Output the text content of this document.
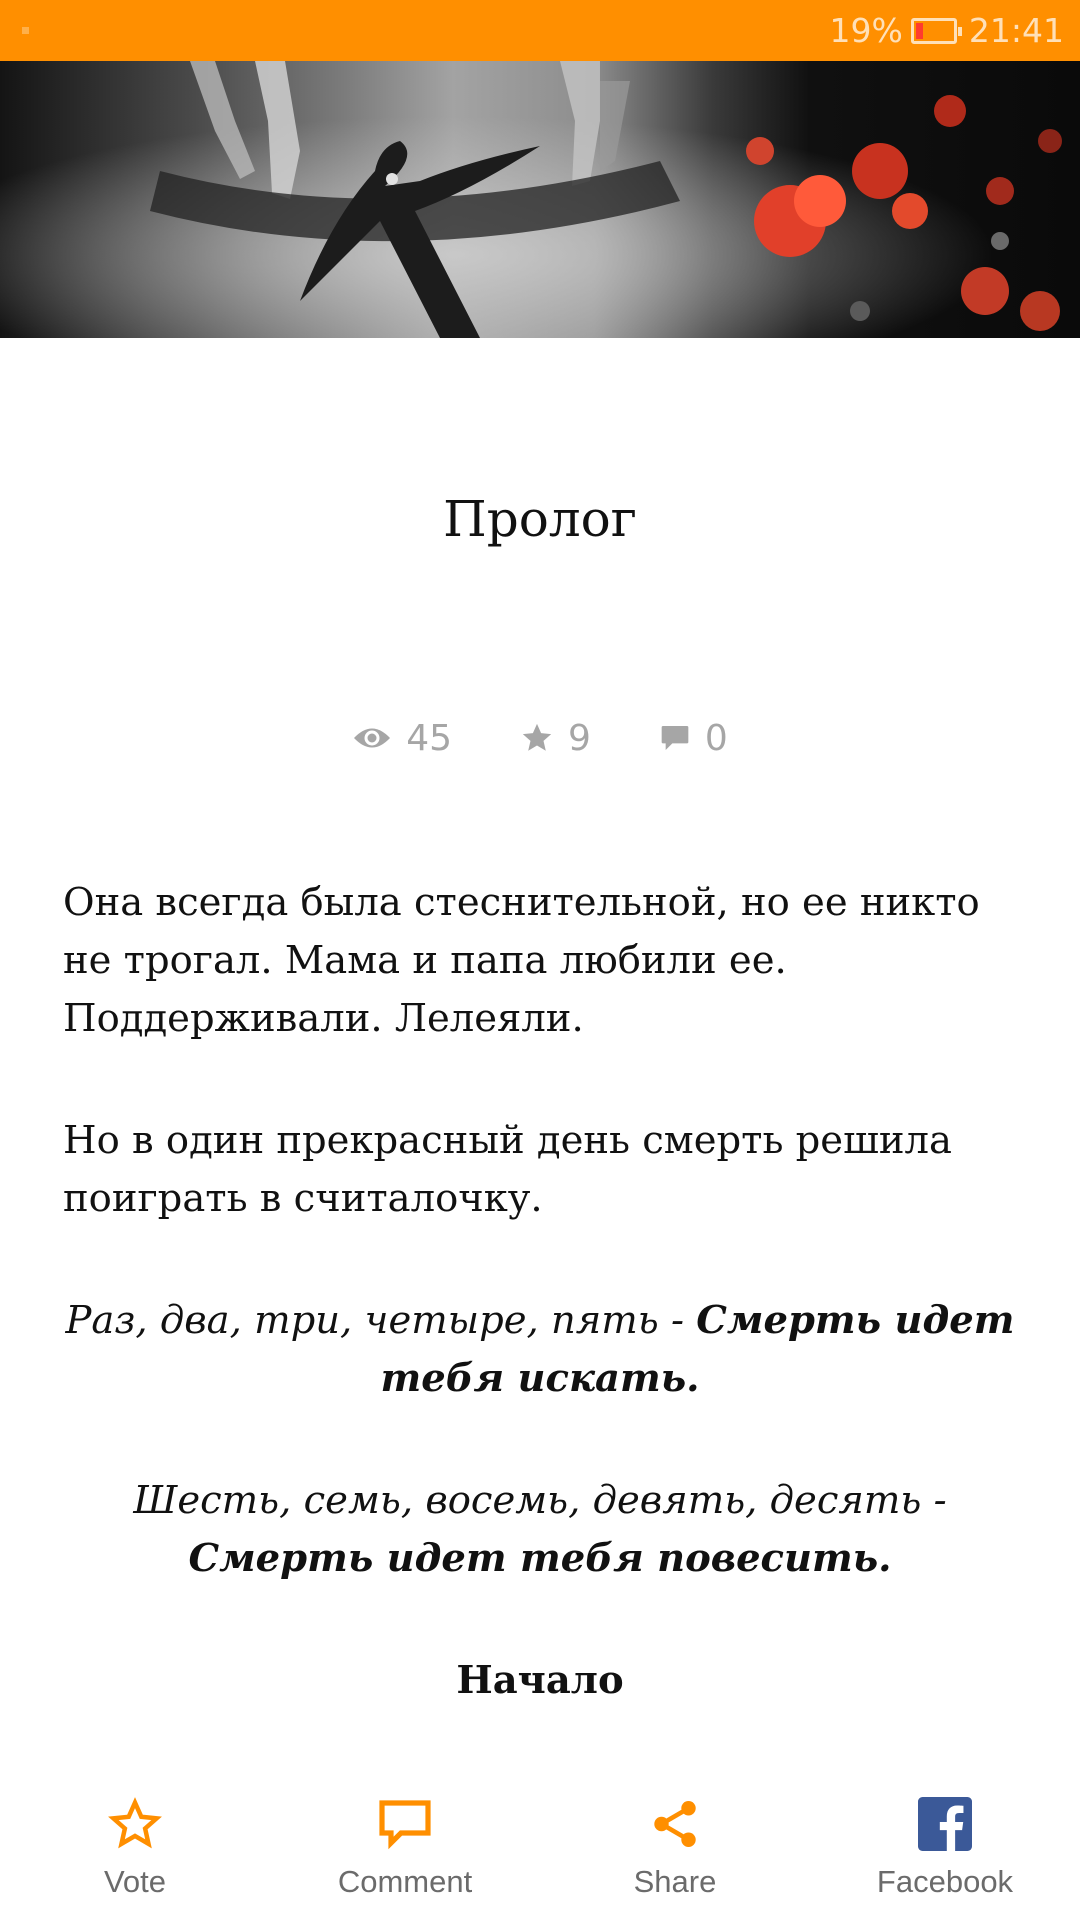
19% 21:41
Пролог
45	9	0

Она всегда была стеснительной, но ее никто не трогал. Мама и папа любили ее. Поддерживали. Лелеяли.

Но в один прекрасный день смерть решила поиграть в считалочку.

Раз, два, три, четыре, пять - Смерть идет тебя искать.

Шесть, семь, восемь, девять, десять - Смерть идет тебя повесить.

Начало

Vote	Comment	Share	Facebook
